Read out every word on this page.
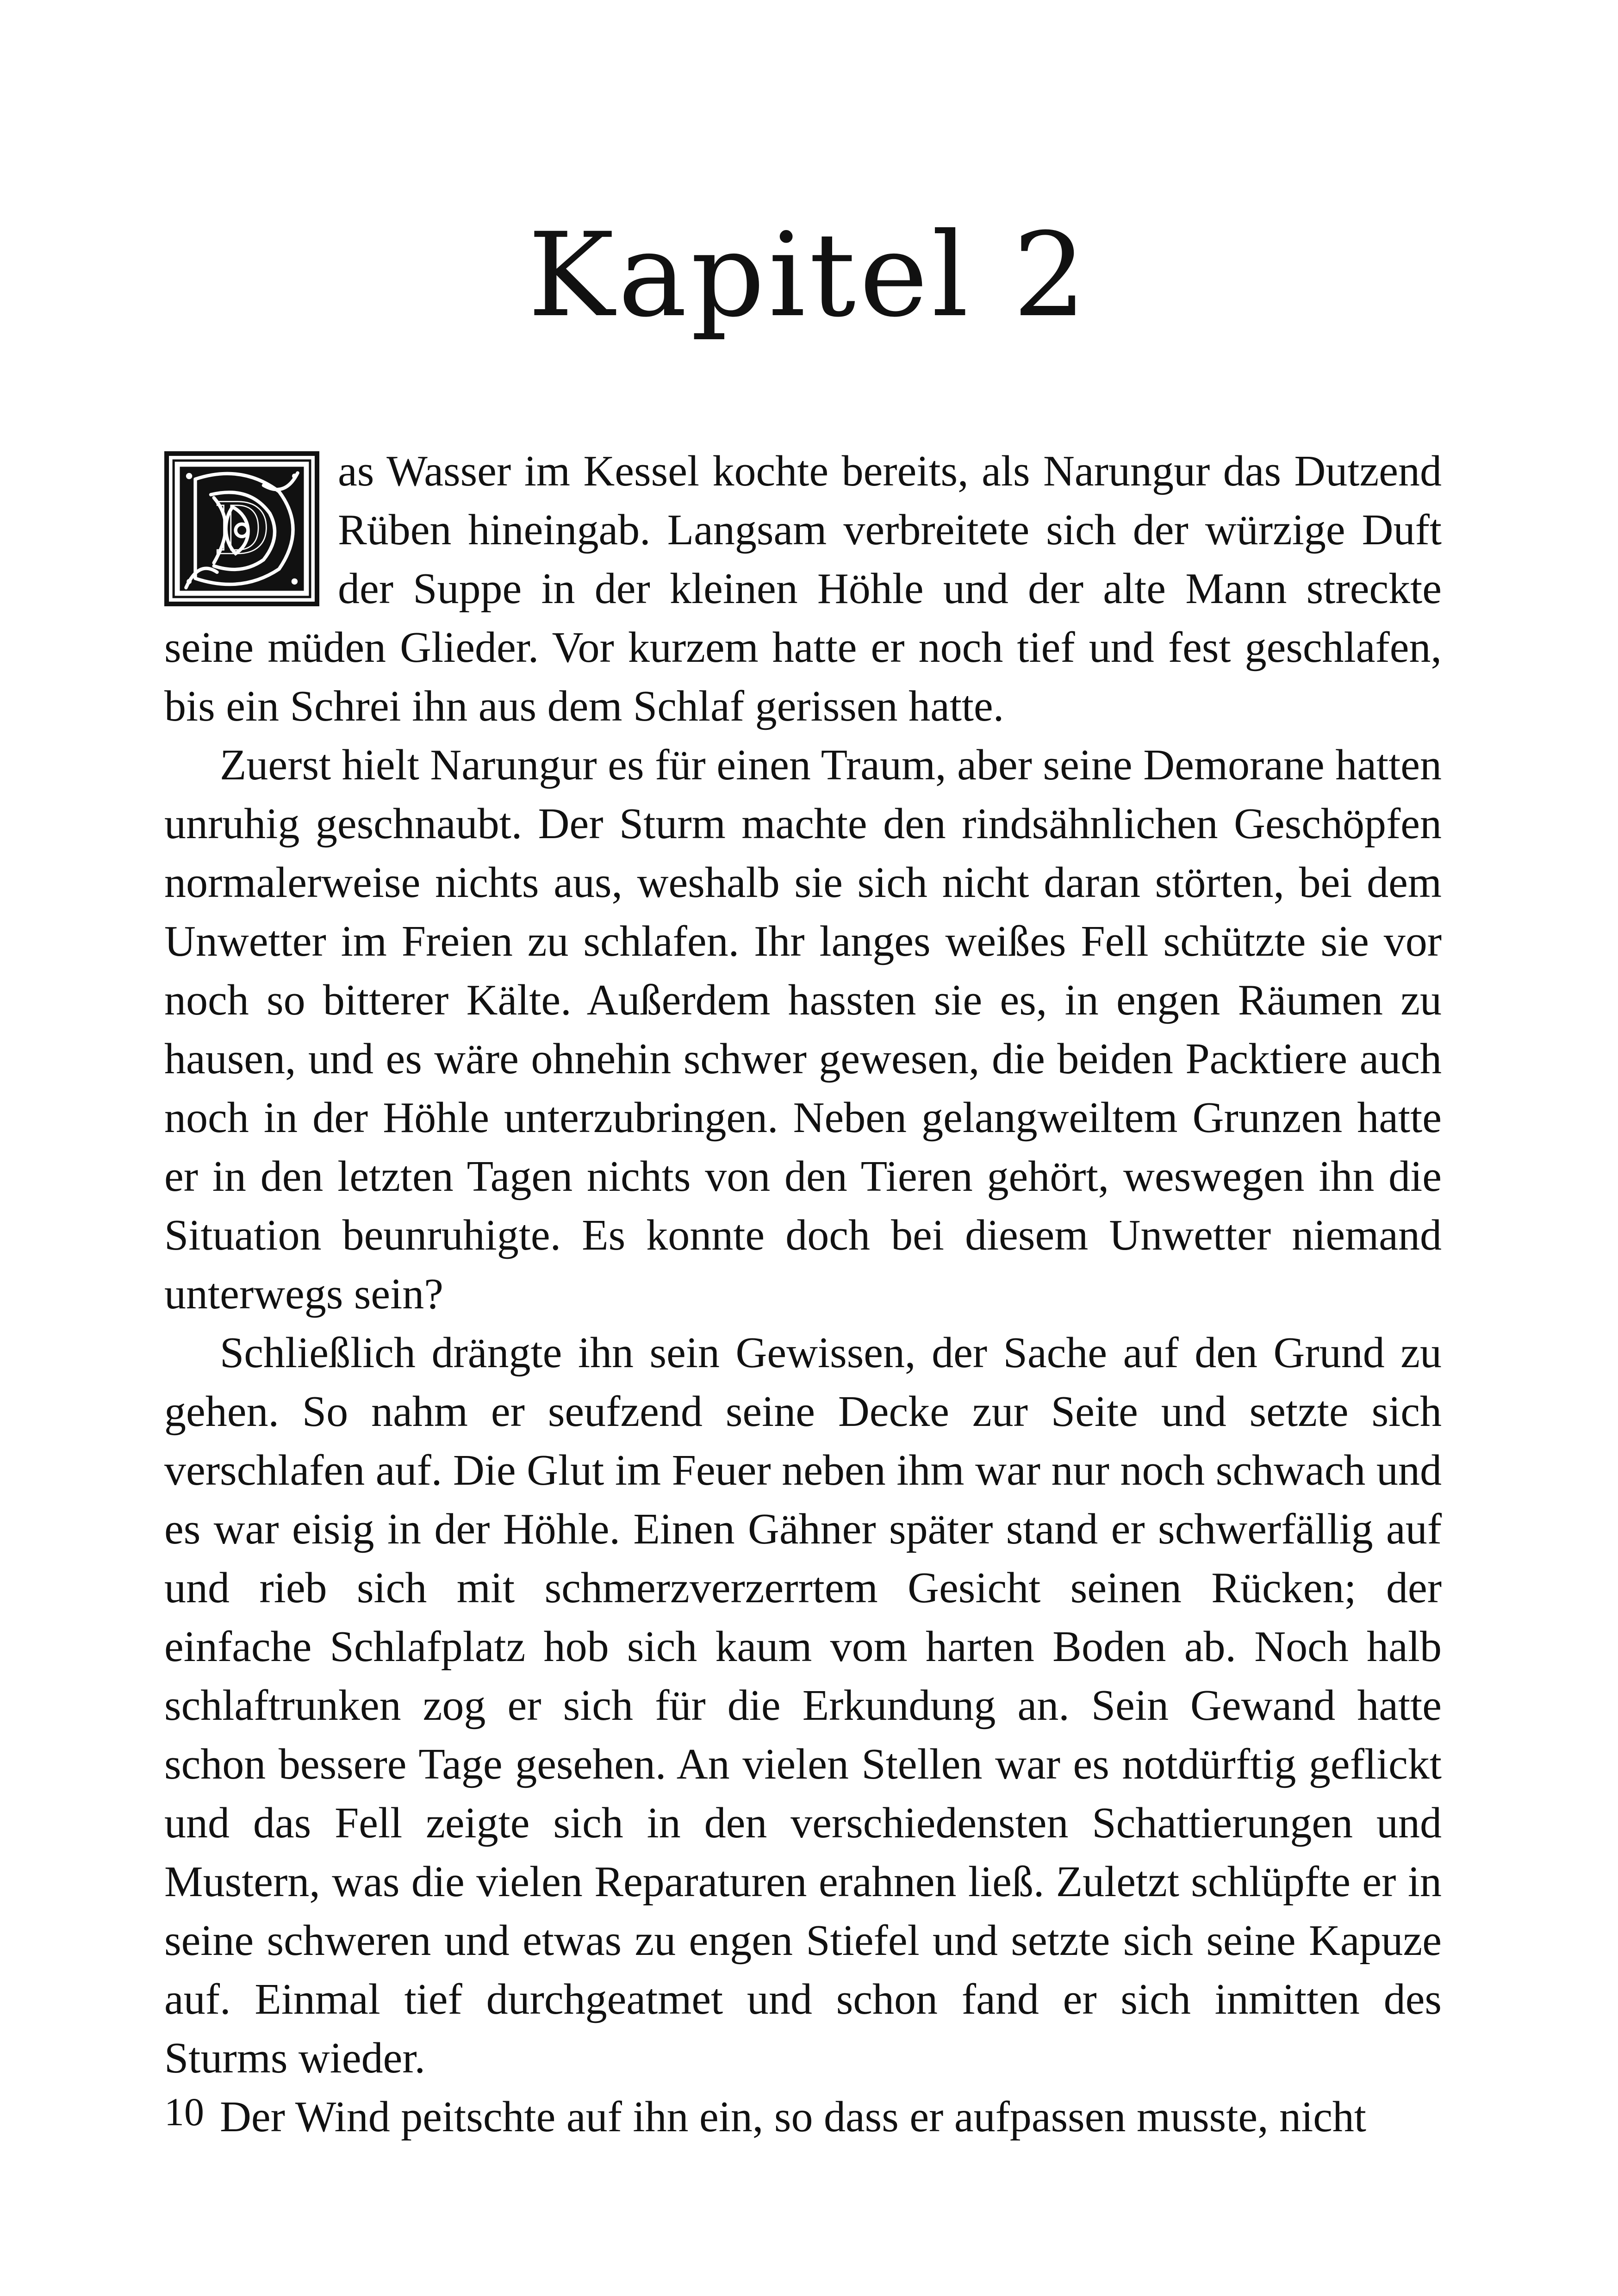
Kapitel 2

D
as Wasser im Kessel kochte bereits, als Narungur das Dutzend Rüben hineingab. Langsam verbreitete sich der würzige Duft der Suppe in der kleinen Höhle und der alte Mann streckte seine müden Glieder. Vor kurzem hatte er noch tief und fest geschlafen, bis ein Schrei ihn aus dem Schlaf gerissen hatte.

Zuerst hielt Narungur es für einen Traum, aber seine Demorane hatten unruhig geschnaubt. Der Sturm machte den rindsähnlichen Geschöpfen normalerweise nichts aus, weshalb sie sich nicht daran störten, bei dem Unwetter im Freien zu schlafen. Ihr langes weißes Fell schützte sie vor noch so bitterer Kälte. Außerdem hassten sie es, in engen Räumen zu hausen, und es wäre ohnehin schwer gewesen, die beiden Packtiere auch noch in der Höhle unterzubringen. Neben gelangweiltem Grunzen hatte er in den letzten Tagen nichts von den Tieren gehört, weswegen ihn die Situation beunruhigte. Es konnte doch bei diesem Unwetter niemand unterwegs sein?

Schließlich drängte ihn sein Gewissen, der Sache auf den Grund zu gehen. So nahm er seufzend seine Decke zur Seite und setzte sich verschlafen auf. Die Glut im Feuer neben ihm war nur noch schwach und es war eisig in der Höhle. Einen Gähner später stand er schwerfällig auf und rieb sich mit schmerzverzerrtem Gesicht seinen Rücken; der einfache Schlafplatz hob sich kaum vom harten Boden ab. Noch halb schlaftrunken zog er sich für die Erkundung an. Sein Gewand hatte schon bessere Tage gesehen. An vielen Stellen war es notdürftig geflickt und das Fell zeigte sich in den verschiedensten Schattierungen und Mustern, was die vielen Reparaturen erahnen ließ. Zuletzt schlüpfte er in seine schweren und etwas zu engen Stiefel und setzte sich seine Kapuze auf. Einmal tief durchgeatmet und schon fand er sich inmitten des Sturms wieder.

Der Wind peitschte auf ihn ein, so dass er aufpassen musste, nicht

10
